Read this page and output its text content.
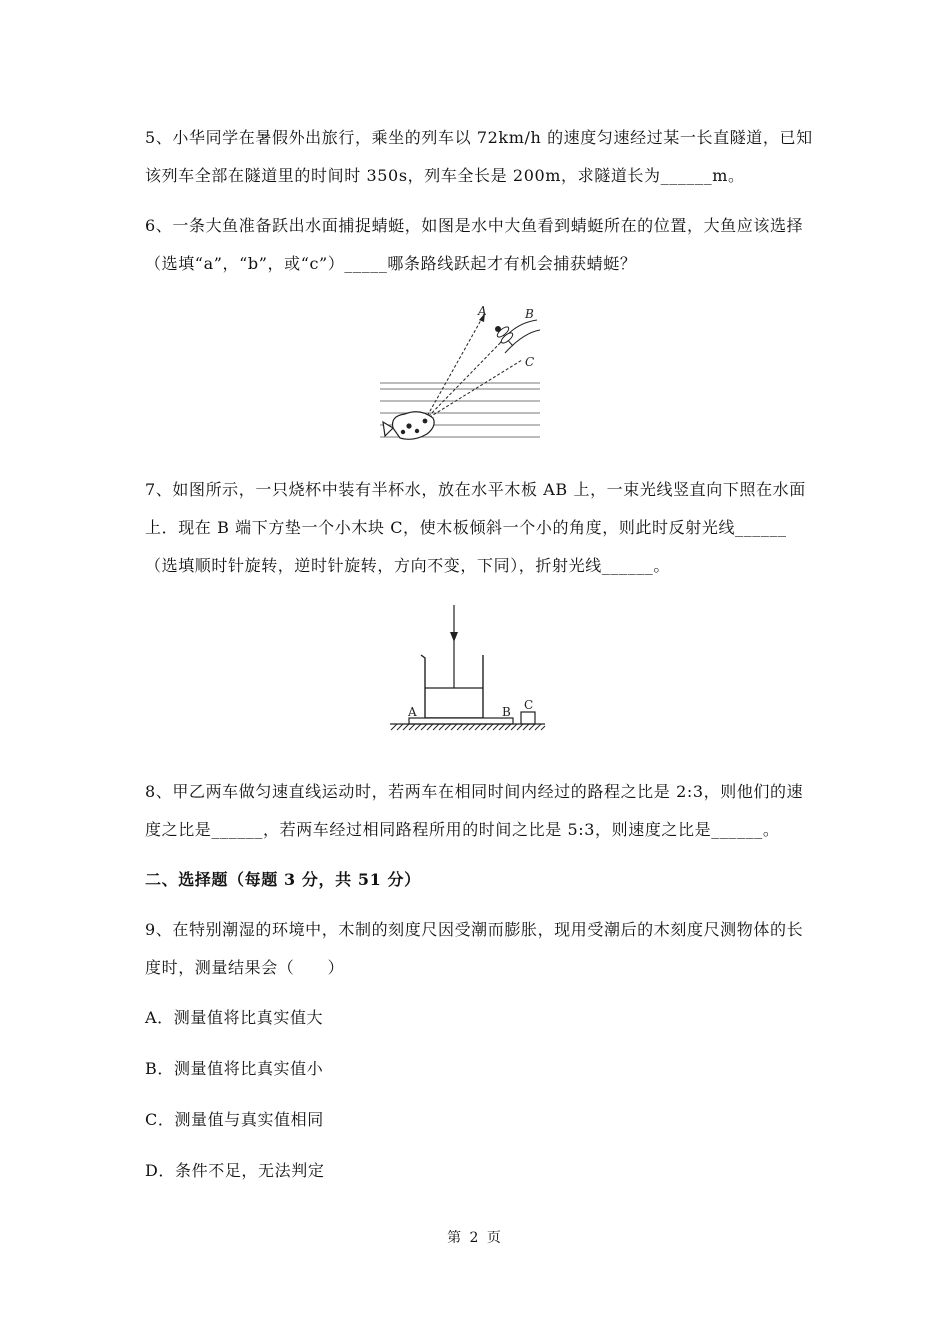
5、小华同学在暑假外出旅行，乘坐的列车以 72km/h 的速度匀速经过某一长直隧道，已知
该列车全部在隧道里的时间时 350s，列车全长是 200m，求隧道长为______m。
6、一条大鱼准备跃出水面捕捉蜻蜓，如图是水中大鱼看到蜻蜓所在的位置，大鱼应该选择
（选填“a”，“b”，或“c”）_____哪条路线跃起才有机会捕获蜻蜓？
A	B
C
7、如图所示，一只烧杯中装有半杯水，放在水平木板 AB 上，一束光线竖直向下照在水面
上．现在 B 端下方垫一个小木块 C，使木板倾斜一个小的角度，则此时反射光线______
（选填顺时针旋转，逆时针旋转，方向不变，下同），折射光线______。
A	B C
8、甲乙两车做匀速直线运动时，若两车在相同时间内经过的路程之比是 2:3，则他们的速
度之比是______，若两车经过相同路程所用的时间之比是 5:3，则速度之比是______。
二、选择题（每题 3 分，共 51 分）
9、在特别潮湿的环境中，木制的刻度尺因受潮而膨胀，现用受潮后的木刻度尺测物体的长
度时，测量结果会（　　）
A．测量值将比真实值大
B．测量值将比真实值小
C．测量值与真实值相同
D．条件不足，无法判定
第 2 页
